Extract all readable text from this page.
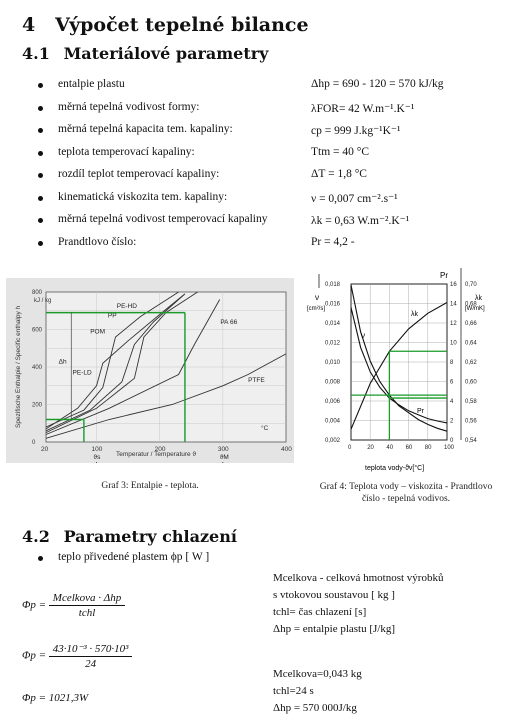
4 Výpočet tepelné bilance
4.1 Materiálové parametry
entalpie plastu	Δhp = 690 - 120 = 570 kJ/kg
měrná tepelná vodivost formy:	λFOR= 42 W.m⁻¹.K⁻¹
měrná tepelná kapacita tem. kapaliny:	cp = 999 J.kg⁻¹K⁻¹
teplota temperovací kapaliny:	Ttm = 40 °C
rozdíl teplot temperovací kapaliny:	ΔT = 1,8 °C
kinematická viskozita tem. kapaliny:	ν = 0,007 cm⁻².s⁻¹
měrná tepelná vodivost temperovací kapaliny	λk = 0,63 W.m⁻².K⁻¹
Prandtlovo číslo:	Pr = 4,2 -
PE-HD
PP
PA 66
POM
PE-LD
PTFE
Δh
ϑs	ϑM
20	100	200	300	400
0
200
400
600
800
Spezifische Enthalpie / Specific enthalpy h
kJ / kg
Temperatur / Temperature ϑ
°C
Graf 3: Entalpie - teplota.
0,002
0,004
0,006
0,008
0,010
0,012
0,014
0,016
0,018
0
2
4
6
8
10
12
14
16
0,54
0,56
0,58
0,60
0,62
0,64
0,66
0,68
0,70
0	20 40 60 80 100
ν
[cm²/s]
Pr
λk
[W/mK]
teplota vody-ϑv[°C]
ν
λk
Pr
Graf 4: Teplota vody – viskozita - Prandtlovo číslo - tepelná vodivos.
4.2 Parametry chlazení
teplo přivedené plastem ϕp [ W ]
$\Phi p = \frac{\text{Mcelkova · Δhp}}{\text{tchl}}$
$\Phi p = \frac{\text{43·10⁻³ · 570·10³}}{24}$
Φp = 1021,3W
Mcelkova - celková hmotnost výrobků
s vtokovou soustavou [ kg ]
tchl= čas chlazení [s]
Δhp = entalpie plastu [J/kg]
Mcelkova=0,043 kg
tchl=24 s
Δhp = 570 000J/kg
